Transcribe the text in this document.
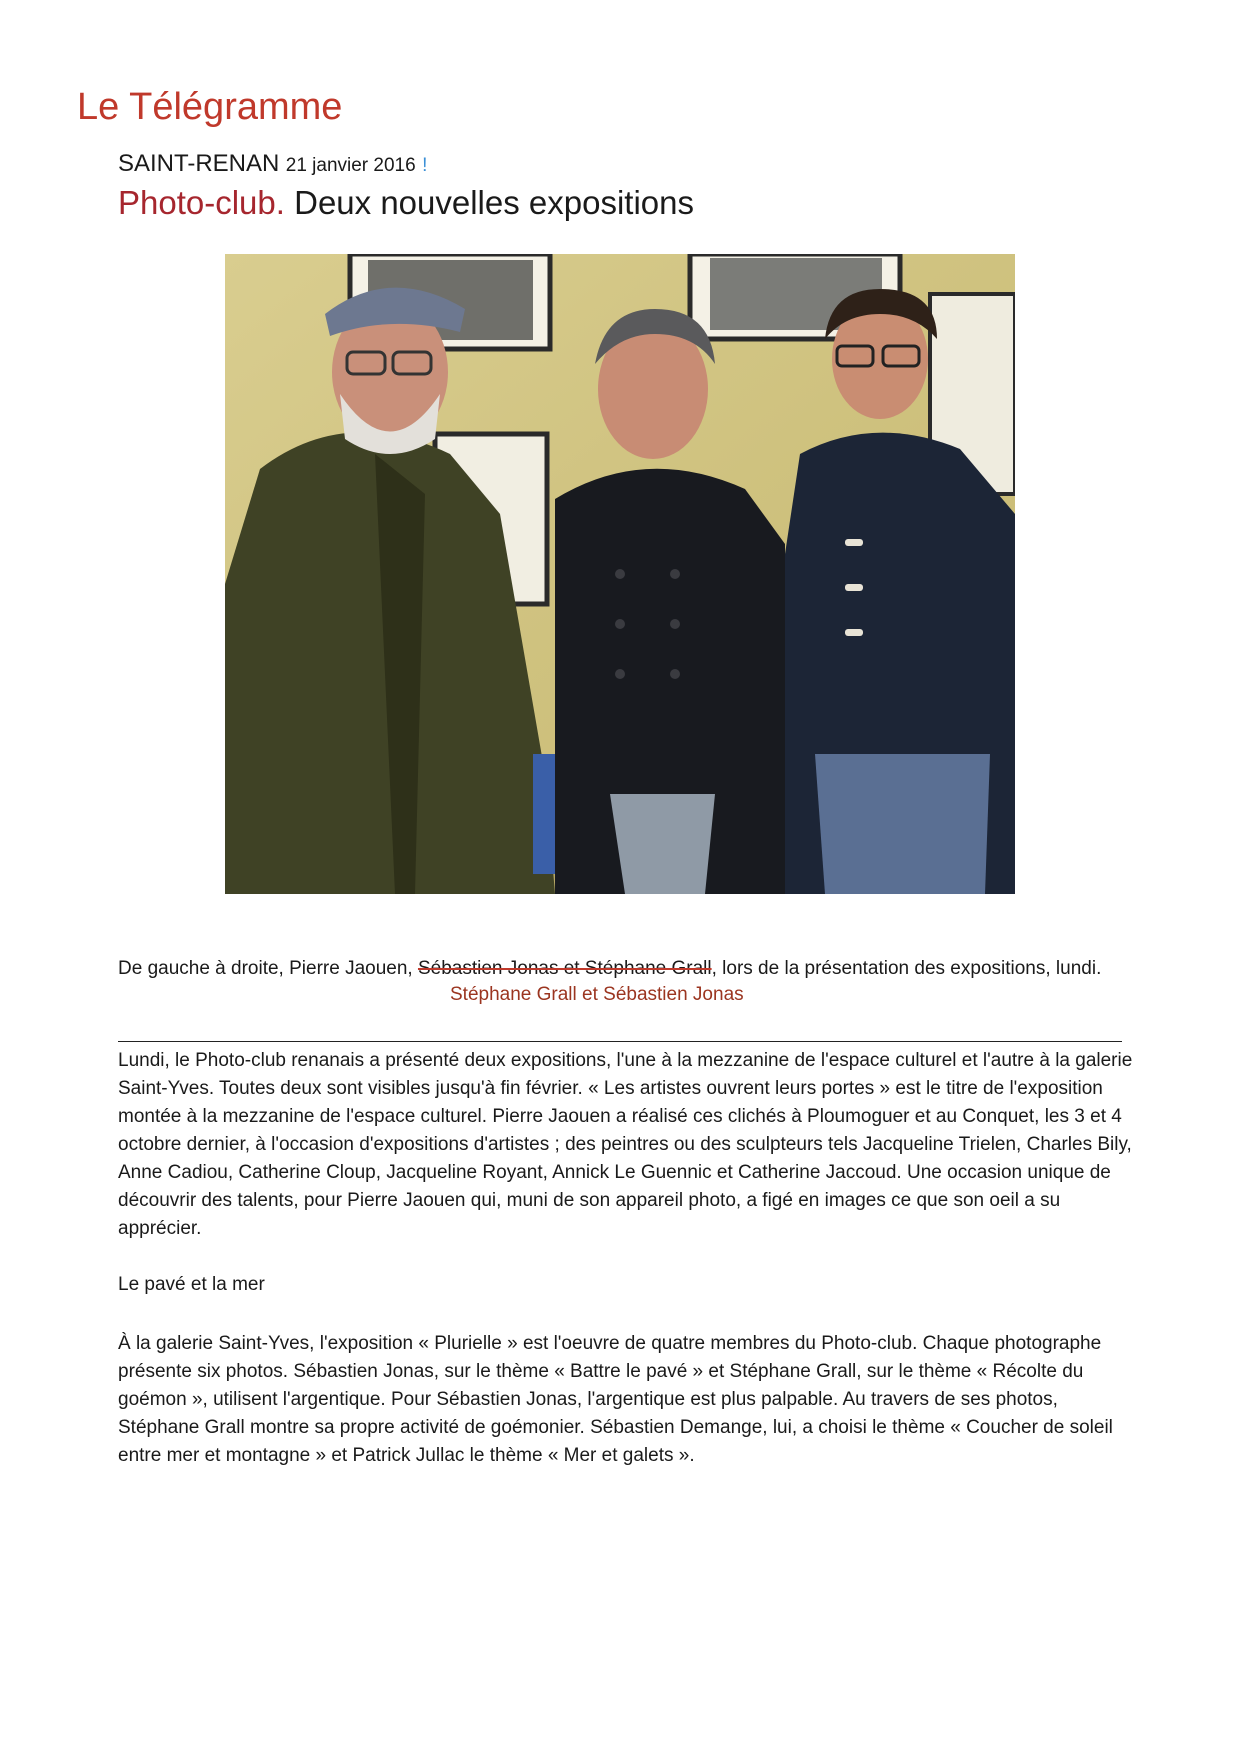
Le Télégramme
SAINT-RENAN 21 janvier 2016 !
Photo-club. Deux nouvelles expositions
De gauche à droite, Pierre Jaouen, Sébastien Jonas et Stéphane Grall, lors de la présentation des expositions, lundi.
Stéphane Grall et Sébastien Jonas
Lundi, le Photo-club renanais a présenté deux expositions, l'une à la mezzanine de l'espace culturel et l'autre à la galerie Saint-Yves. Toutes deux sont visibles jusqu'à fin février. « Les artistes ouvrent leurs portes » est le titre de l'exposition montée à la mezzanine de l'espace culturel. Pierre Jaouen a réalisé ces clichés à Ploumoguer et au Conquet, les 3 et 4 octobre dernier, à l'occasion d'expositions d'artistes ; des peintres ou des sculpteurs tels Jacqueline Trielen, Charles Bily, Anne Cadiou, Catherine Cloup, Jacqueline Royant, Annick Le Guennic et Catherine Jaccoud. Une occasion unique de découvrir des talents, pour Pierre Jaouen qui, muni de son appareil photo, a figé en images ce que son oeil a su apprécier.
Le pavé et la mer
À la galerie Saint-Yves, l'exposition « Plurielle » est l'oeuvre de quatre membres du Photo-club. Chaque photographe présente six photos. Sébastien Jonas, sur le thème « Battre le pavé » et Stéphane Grall, sur le thème « Récolte du goémon », utilisent l'argentique. Pour Sébastien Jonas, l'argentique est plus palpable. Au travers de ses photos, Stéphane Grall montre sa propre activité de goémonier. Sébastien Demange, lui, a choisi le thème « Coucher de soleil entre mer et montagne » et Patrick Jullac le thème « Mer et galets ».
